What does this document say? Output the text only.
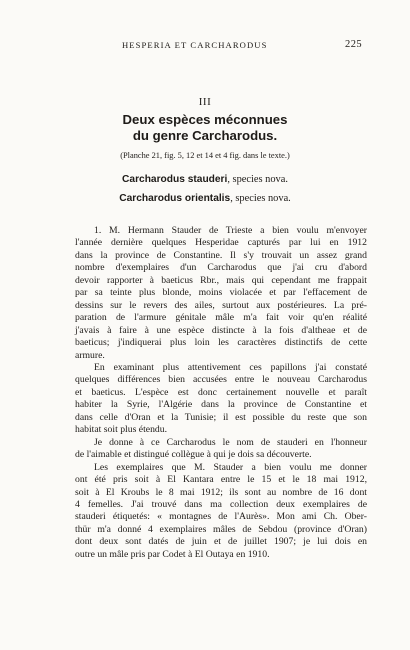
HESPERIA ET CARCHARODUS	225
III
Deux espèces méconnues
du genre Carcharodus.
(Planche 21, fig. 5, 12 et 14 et 4 fig. dans le texte.)
Carcharodus stauderi, species nova.
Carcharodus orientalis, species nova.
1. M. Hermann Stauder de Trieste a bien voulu m'envoyer
l'année dernière quelques Hesperidae capturés par lui en 1912
dans la province de Constantine. Il s'y trouvait un assez grand
nombre d'exemplaires d'un Carcharodus que j'ai cru d'abord
devoir rapporter à baeticus Rbr., mais qui cependant me frappait
par sa teinte plus blonde, moins violacée et par l'effacement de
dessins sur le revers des ailes, surtout aux postérieures. La pré-
paration de l'armure génitale mâle m'a fait voir qu'en réalité
j'avais à faire à une espèce distincte à la fois d'altheae et de
baeticus; j'indiquerai plus loin les caractères distinctifs de cette
armure.
En examinant plus attentivement ces papillons j'ai constaté
quelques différences bien accusées entre le nouveau Carcharodus
et baeticus. L'espèce est donc certainement nouvelle et paraît
habiter la Syrie, l'Algérie dans la province de Constantine et
dans celle d'Oran et la Tunisie; il est possible du reste que son
habitat soit plus étendu.
Je donne à ce Carcharodus le nom de stauderi en l'honneur
de l'aimable et distingué collègue à qui je dois sa découverte.
Les exemplaires que M. Stauder a bien voulu me donner
ont été pris soit à El Kantara entre le 15 et le 18 mai 1912,
soit à El Kroubs le 8 mai 1912; ils sont au nombre de 16 dont
4 femelles. J'ai trouvé dans ma collection deux exemplaires de
stauderi étiquetés: « montagnes de l'Aurès». Mon ami Ch. Ober-
thür m'a donné 4 exemplaires mâles de Sebdou (province d'Oran)
dont deux sont datés de juin et de juillet 1907; je lui dois en
outre un mâle pris par Codet à El Outaya en 1910.
